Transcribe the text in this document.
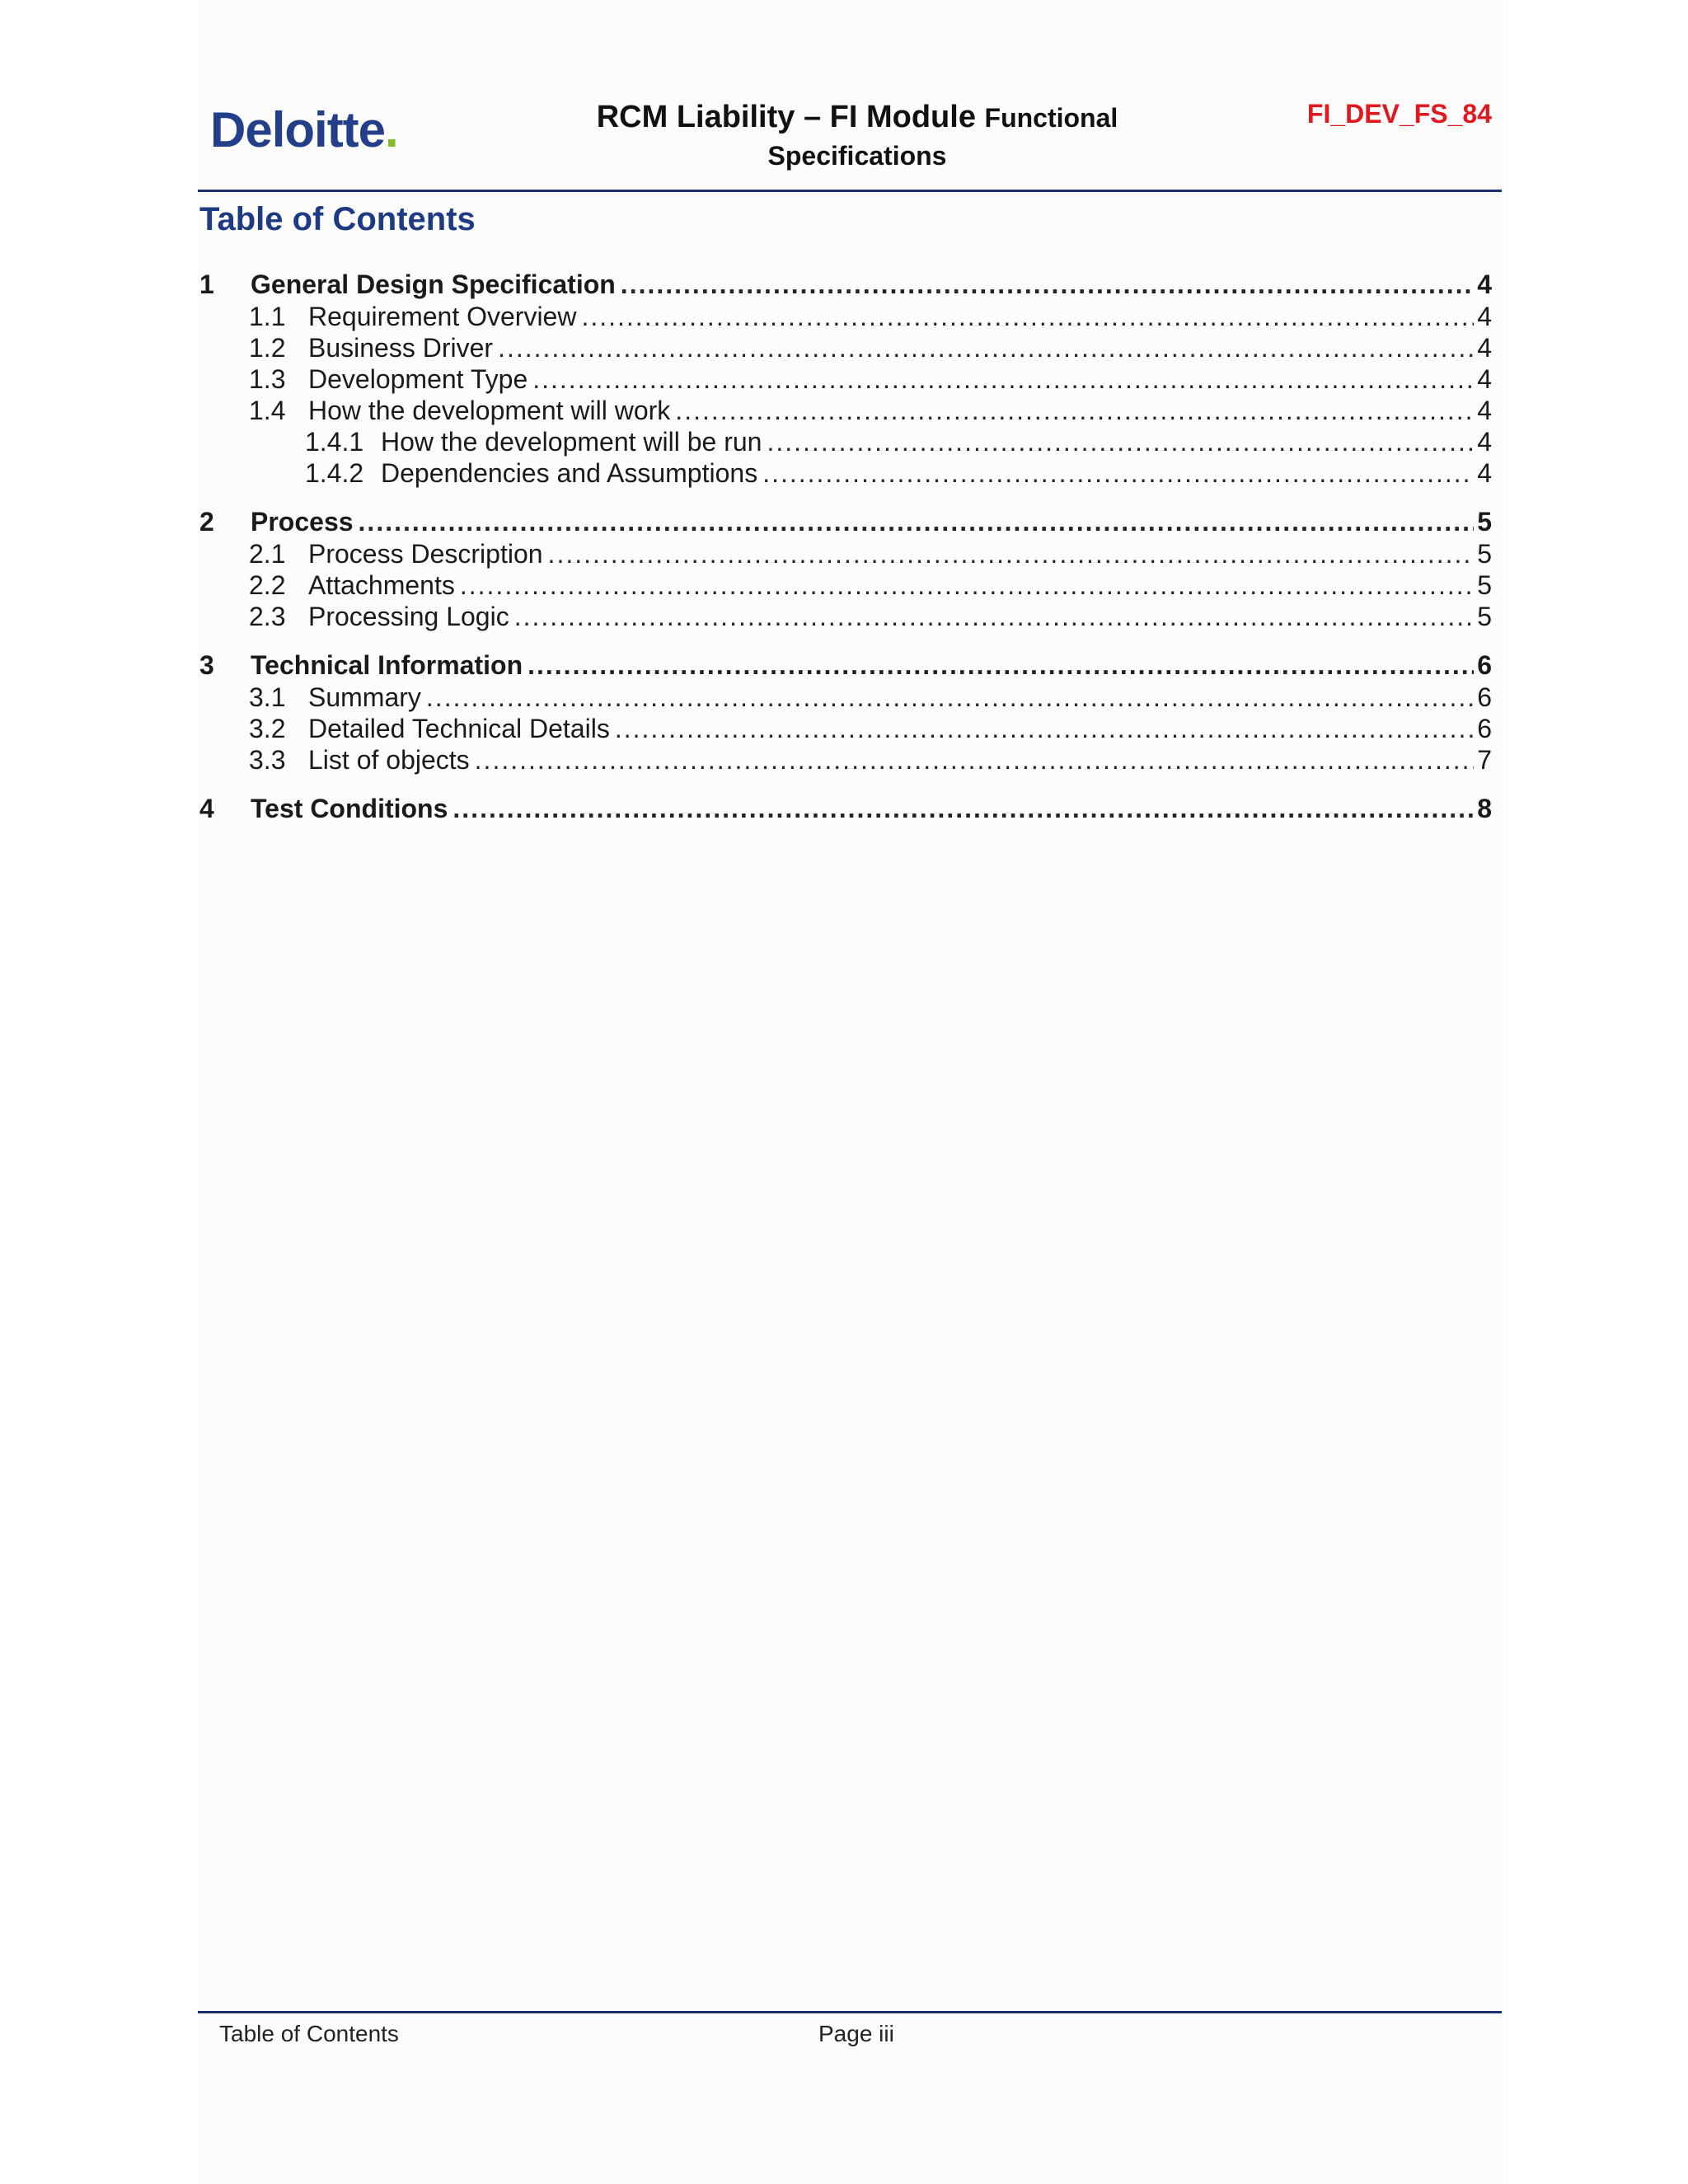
Deloitte.	RCM Liability – FI Module Functional
Specifications
FI_DEV_FS_84
Table of Contents
1	General Design Specification .....	4
1.1 Requirement Overview .....	4
1.2 Business Driver .....	4
1.3 Development Type .....	4
1.4 How the development will work .....	4
1.4.1 How the development will be run .....	4
1.4.2 Dependencies and Assumptions .....	4
2	Process .....	5
2.1 Process Description .....	5
2.2 Attachments .....	5
2.3 Processing Logic .....	5
3	Technical Information .....	6
3.1 Summary .....	6
3.2 Detailed Technical Details .....	6
3.3 List of objects .....	7
4	Test Conditions .....	8
Table of Contents	Page iii
